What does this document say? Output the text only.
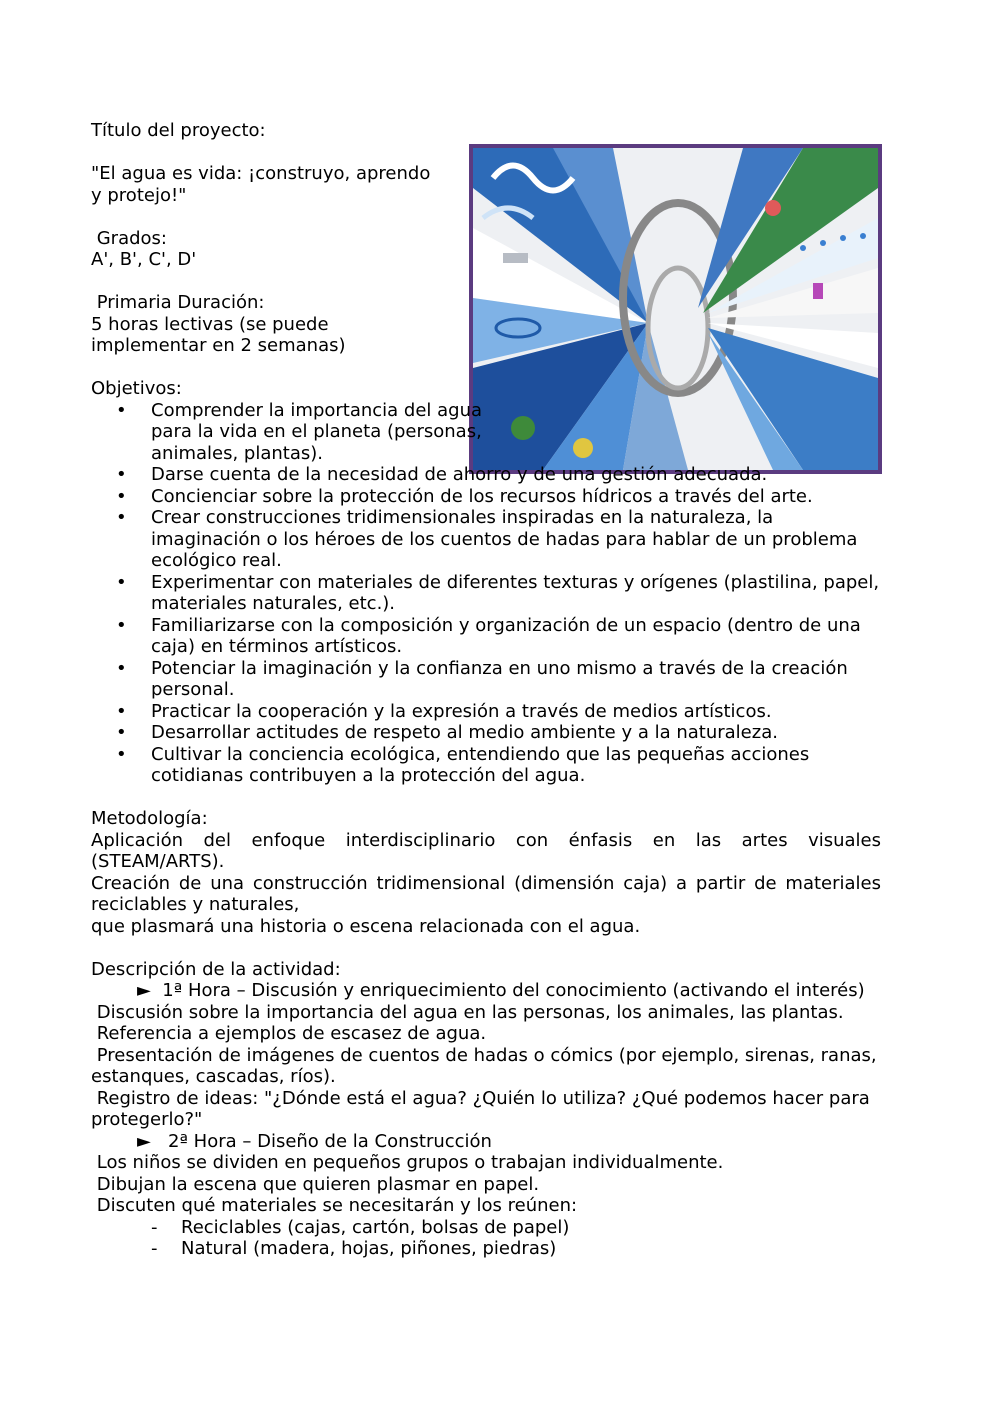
Título del proyecto:

"El agua es vida: ¡construyo, aprendo

y protejo!"

Grados:

A', B', C', D'

Primaria Duración:

5 horas lectivas (se puede

implementar en 2 semanas)

Objetivos:

• Comprender la importancia del agua para la vida en el planeta (personas, animales, plantas).
• Darse cuenta de la necesidad de ahorro y de una gestión adecuada.
• Concienciar sobre la protección de los recursos hídricos a través del arte.
• Crear construcciones tridimensionales inspiradas en la naturaleza, la imaginación o los héroes de los cuentos de hadas para hablar de un problema ecológico real.
• Experimentar con materiales de diferentes texturas y orígenes (plastilina, papel, materiales naturales, etc.).
• Familiarizarse con la composición y organización de un espacio (dentro de una caja) en términos artísticos.
• Potenciar la imaginación y la confianza en uno mismo a través de la creación personal.
• Practicar la cooperación y la expresión a través de medios artísticos.
• Desarrollar actitudes de respeto al medio ambiente y a la naturaleza.
• Cultivar la conciencia ecológica, entendiendo que las pequeñas acciones cotidianas contribuyen a la protección del agua.

Metodología:

Aplicación del enfoque interdisciplinario con énfasis en las artes visuales (STEAM/ARTS).

Creación de una construcción tridimensional (dimensión caja) a partir de materiales reciclables y naturales,

que plasmará una historia o escena relacionada con el agua.

Descripción de la actividad:

►  1ª Hora – Discusión y enriquecimiento del conocimiento (activando el interés)

Discusión sobre la importancia del agua en las personas, los animales, las plantas.

Referencia a ejemplos de escasez de agua.

Presentación de imágenes de cuentos de hadas o cómics (por ejemplo, sirenas, ranas, estanques, cascadas, ríos).

Registro de ideas: "¿Dónde está el agua? ¿Quién lo utiliza? ¿Qué podemos hacer para protegerlo?"

►   2ª Hora – Diseño de la Construcción

Los niños se dividen en pequeños grupos o trabajan individualmente.

Dibujan la escena que quieren plasmar en papel.

Discuten qué materiales se necesitarán y los reúnen:

- Reciclables (cajas, cartón, bolsas de papel)

- Natural (madera, hojas, piñones, piedras)
